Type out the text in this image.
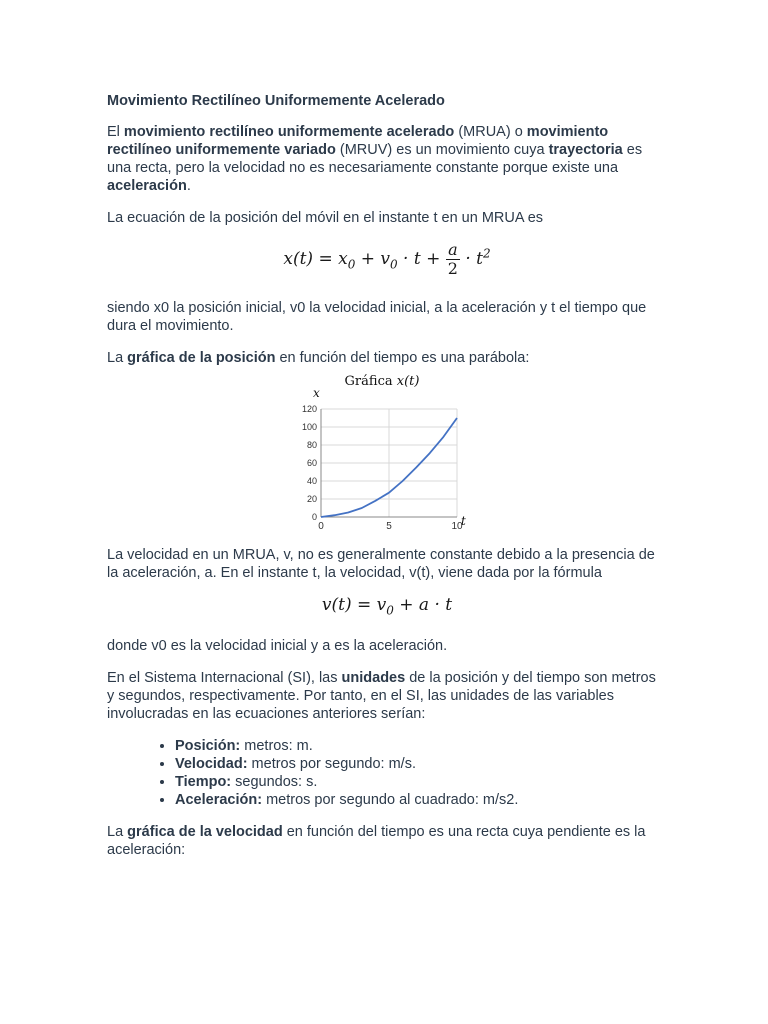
Movimiento Rectilíneo Uniformemente Acelerado

El movimiento rectilíneo uniformemente acelerado (MRUA) o movimiento rectilíneo uniformemente variado (MRUV) es un movimiento cuya trayectoria es una recta, pero la velocidad no es necesariamente constante porque existe una aceleración.

La ecuación de la posición del móvil en el instante t en un MRUA es

$x(t) = x_0 + v_0 \cdot t + \frac{a}{2} \cdot t^2$

siendo x0 la posición inicial, v0 la velocidad inicial, a la aceleración y t el tiempo que dura el movimiento.

La gráfica de la posición en función del tiempo es una parábola:

Gráfica x(t)
x
t
0
20
40
60
80
100
120
0	5	10

La velocidad en un MRUA, v, no es generalmente constante debido a la presencia de la aceleración, a. En el instante t, la velocidad, v(t), viene dada por la fórmula

$v(t) = v_0 + a \cdot t$

donde v0 es la velocidad inicial y a es la aceleración.

En el Sistema Internacional (SI), las unidades de la posición y del tiempo son metros y segundos, respectivamente. Por tanto, en el SI, las unidades de las variables involucradas en las ecuaciones anteriores serían:

• Posición: metros: m.
• Velocidad: metros por segundo: m/s.
• Tiempo: segundos: s.
• Aceleración: metros por segundo al cuadrado: m/s2.

La gráfica de la velocidad en función del tiempo es una recta cuya pendiente es la aceleración:
